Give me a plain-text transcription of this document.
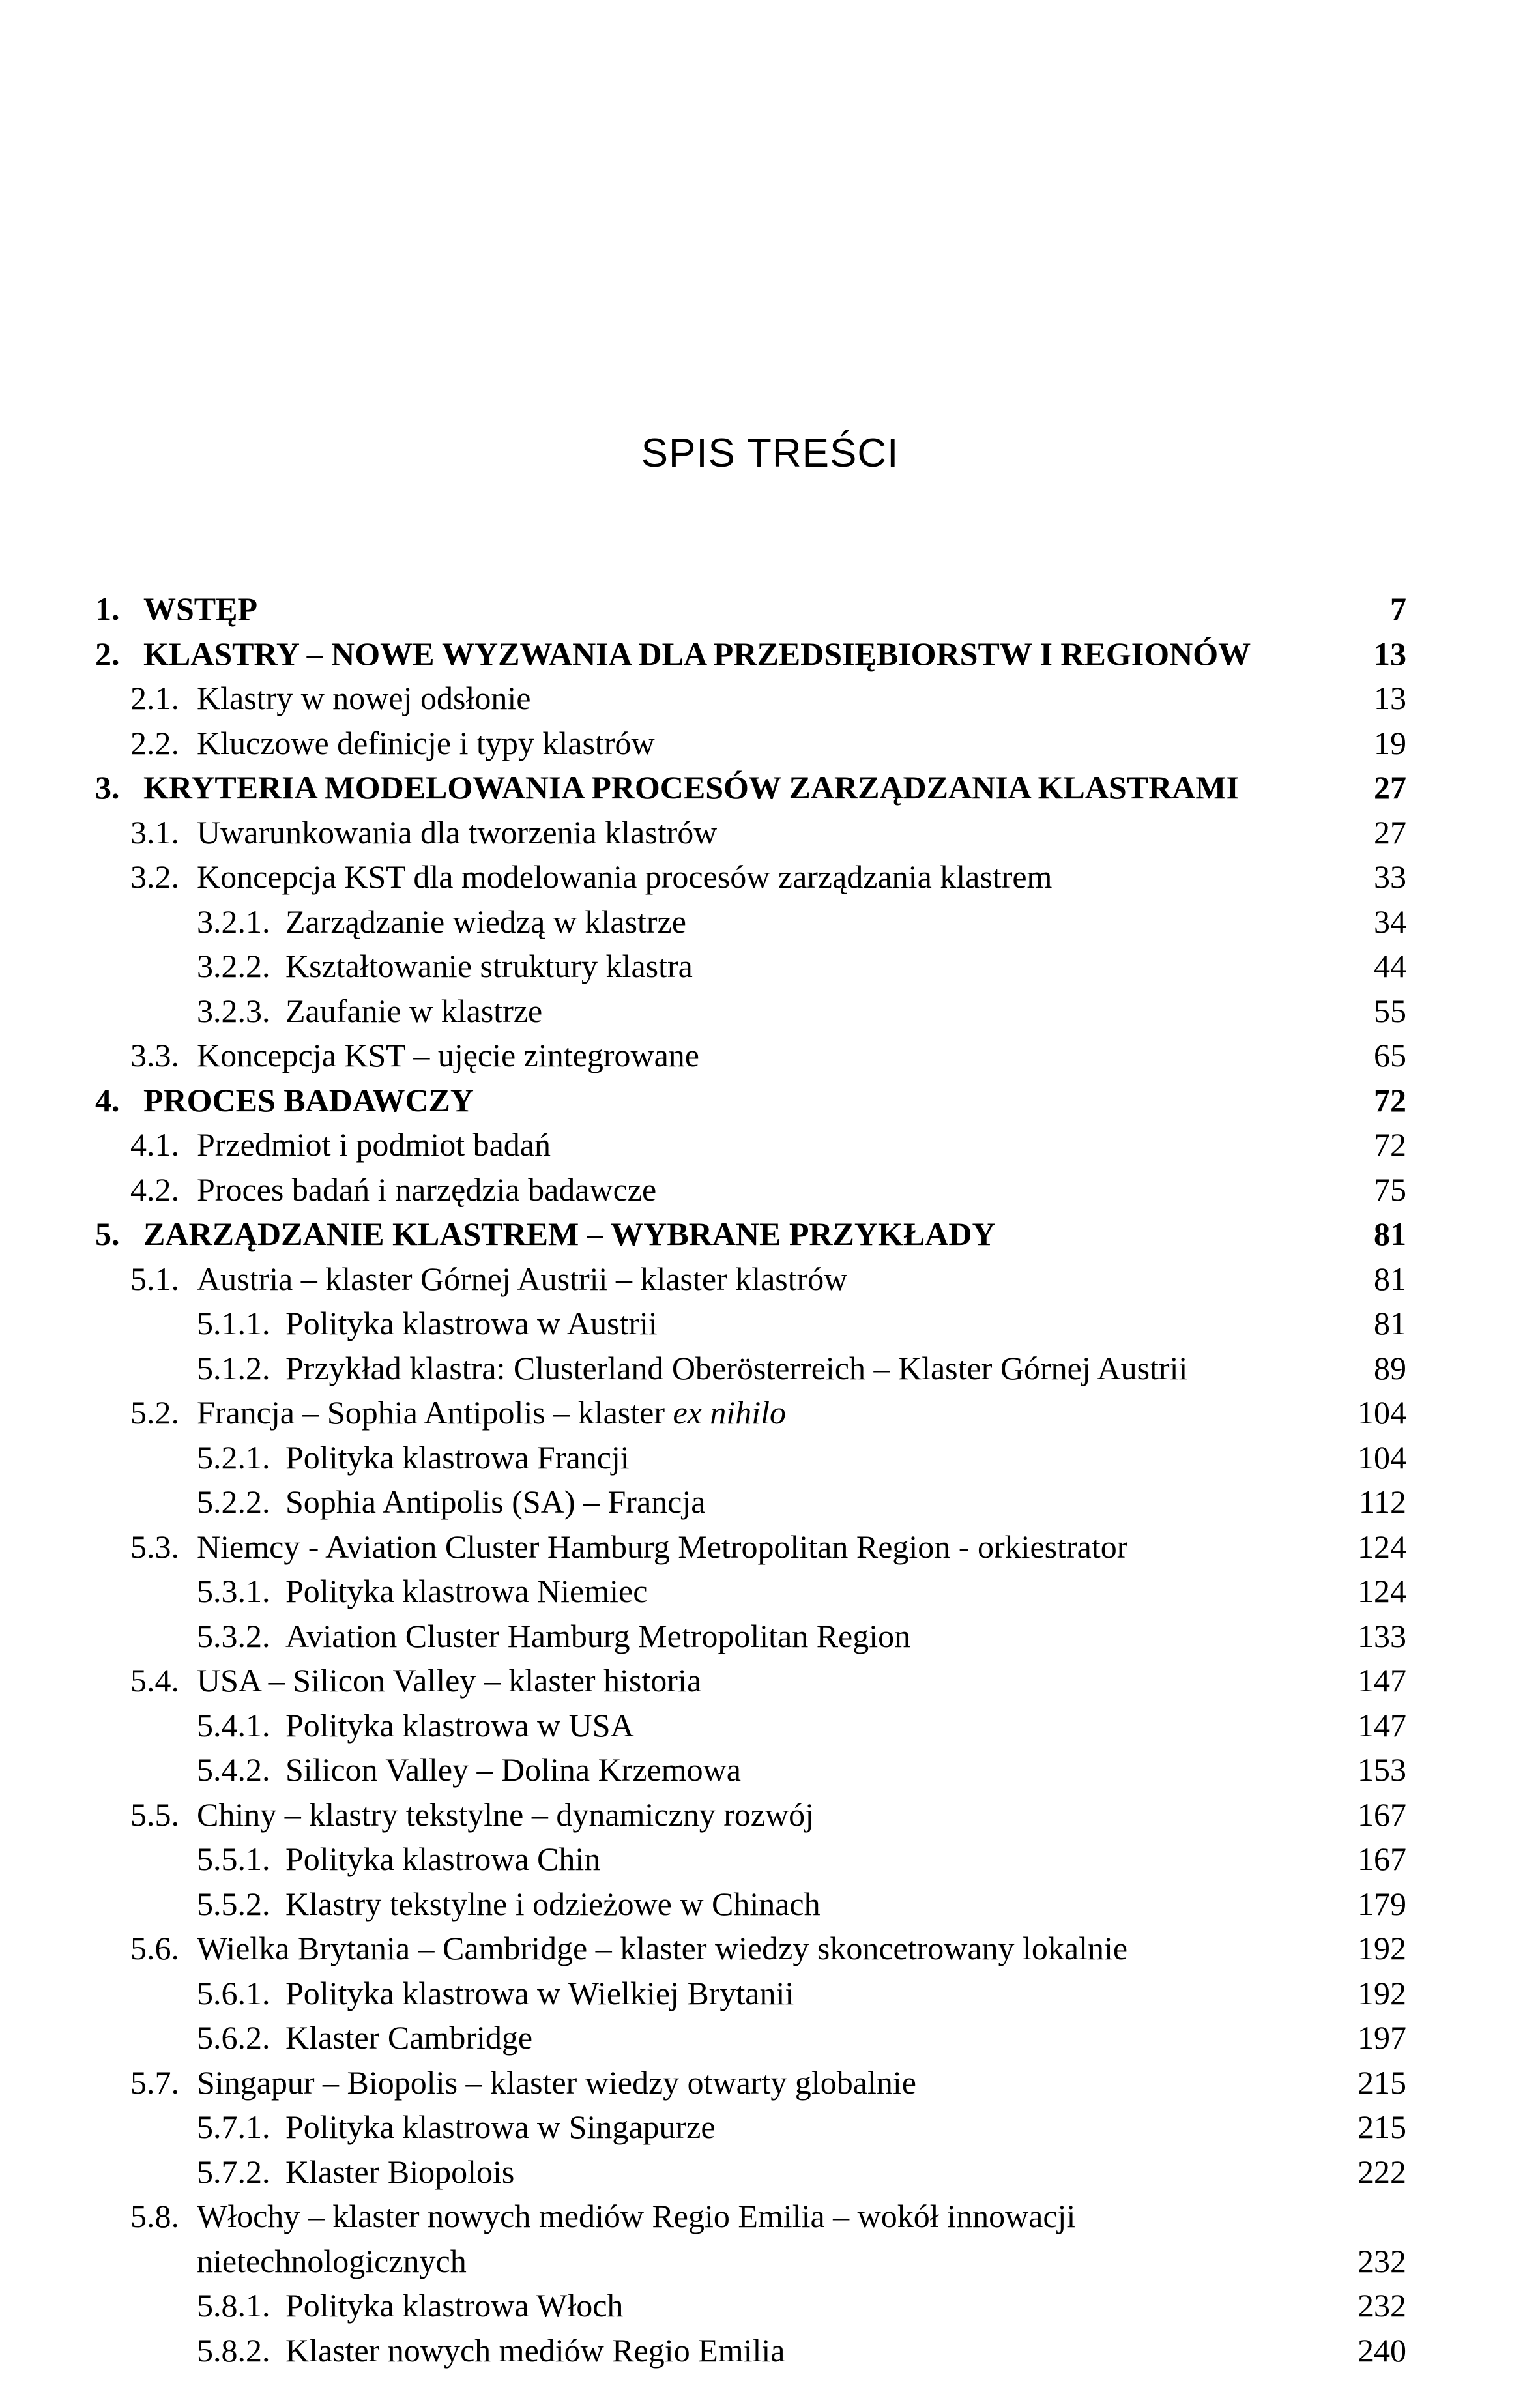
SPIS TREŚCI
1. WSTĘP	7
2. KLASTRY – NOWE WYZWANIA DLA PRZEDSIĘBIORSTW I REGIONÓW	13
2.1. Klastry w nowej odsłonie	13
2.2. Kluczowe definicje i typy klastrów	19
3. KRYTERIA MODELOWANIA PROCESÓW ZARZĄDZANIA KLASTRAMI	27
3.1. Uwarunkowania dla tworzenia klastrów	27
3.2. Koncepcja KST dla modelowania procesów zarządzania klastrem	33
3.2.1. Zarządzanie wiedzą w klastrze	34
3.2.2. Kształtowanie struktury klastra	44
3.2.3. Zaufanie w klastrze	55
3.3. Koncepcja KST – ujęcie zintegrowane	65
4. PROCES BADAWCZY	72
4.1. Przedmiot i podmiot badań	72
4.2. Proces badań i narzędzia badawcze	75
5. ZARZĄDZANIE KLASTREM – WYBRANE PRZYKŁADY	81
5.1. Austria – klaster Górnej Austrii – klaster klastrów	81
5.1.1. Polityka klastrowa w Austrii	81
5.1.2. Przykład klastra: Clusterland Oberösterreich – Klaster Górnej Austrii	89
5.2. Francja – Sophia Antipolis – klaster ex nihilo	104
5.2.1. Polityka klastrowa Francji	104
5.2.2. Sophia Antipolis (SA) – Francja	112
5.3. Niemcy - Aviation Cluster Hamburg Metropolitan Region - orkiestrator	124
5.3.1. Polityka klastrowa Niemiec	124
5.3.2. Aviation Cluster Hamburg Metropolitan Region	133
5.4. USA – Silicon Valley – klaster historia	147
5.4.1. Polityka klastrowa w USA	147
5.4.2. Silicon Valley – Dolina Krzemowa	153
5.5. Chiny – klastry tekstylne – dynamiczny rozwój	167
5.5.1. Polityka klastrowa Chin	167
5.5.2. Klastry tekstylne i odzieżowe w Chinach	179
5.6. Wielka Brytania – Cambridge – klaster wiedzy skoncetrowany lokalnie	192
5.6.1. Polityka klastrowa w Wielkiej Brytanii	192
5.6.2. Klaster Cambridge	197
5.7. Singapur – Biopolis – klaster wiedzy otwarty globalnie	215
5.7.1. Polityka klastrowa w Singapurze	215
5.7.2. Klaster Biopolois	222
5.8. Włochy – klaster nowych mediów Regio Emilia – wokół innowacji
nietechnologicznych	232
5.8.1. Polityka klastrowa Włoch	232
5.8.2. Klaster nowych mediów Regio Emilia	240
